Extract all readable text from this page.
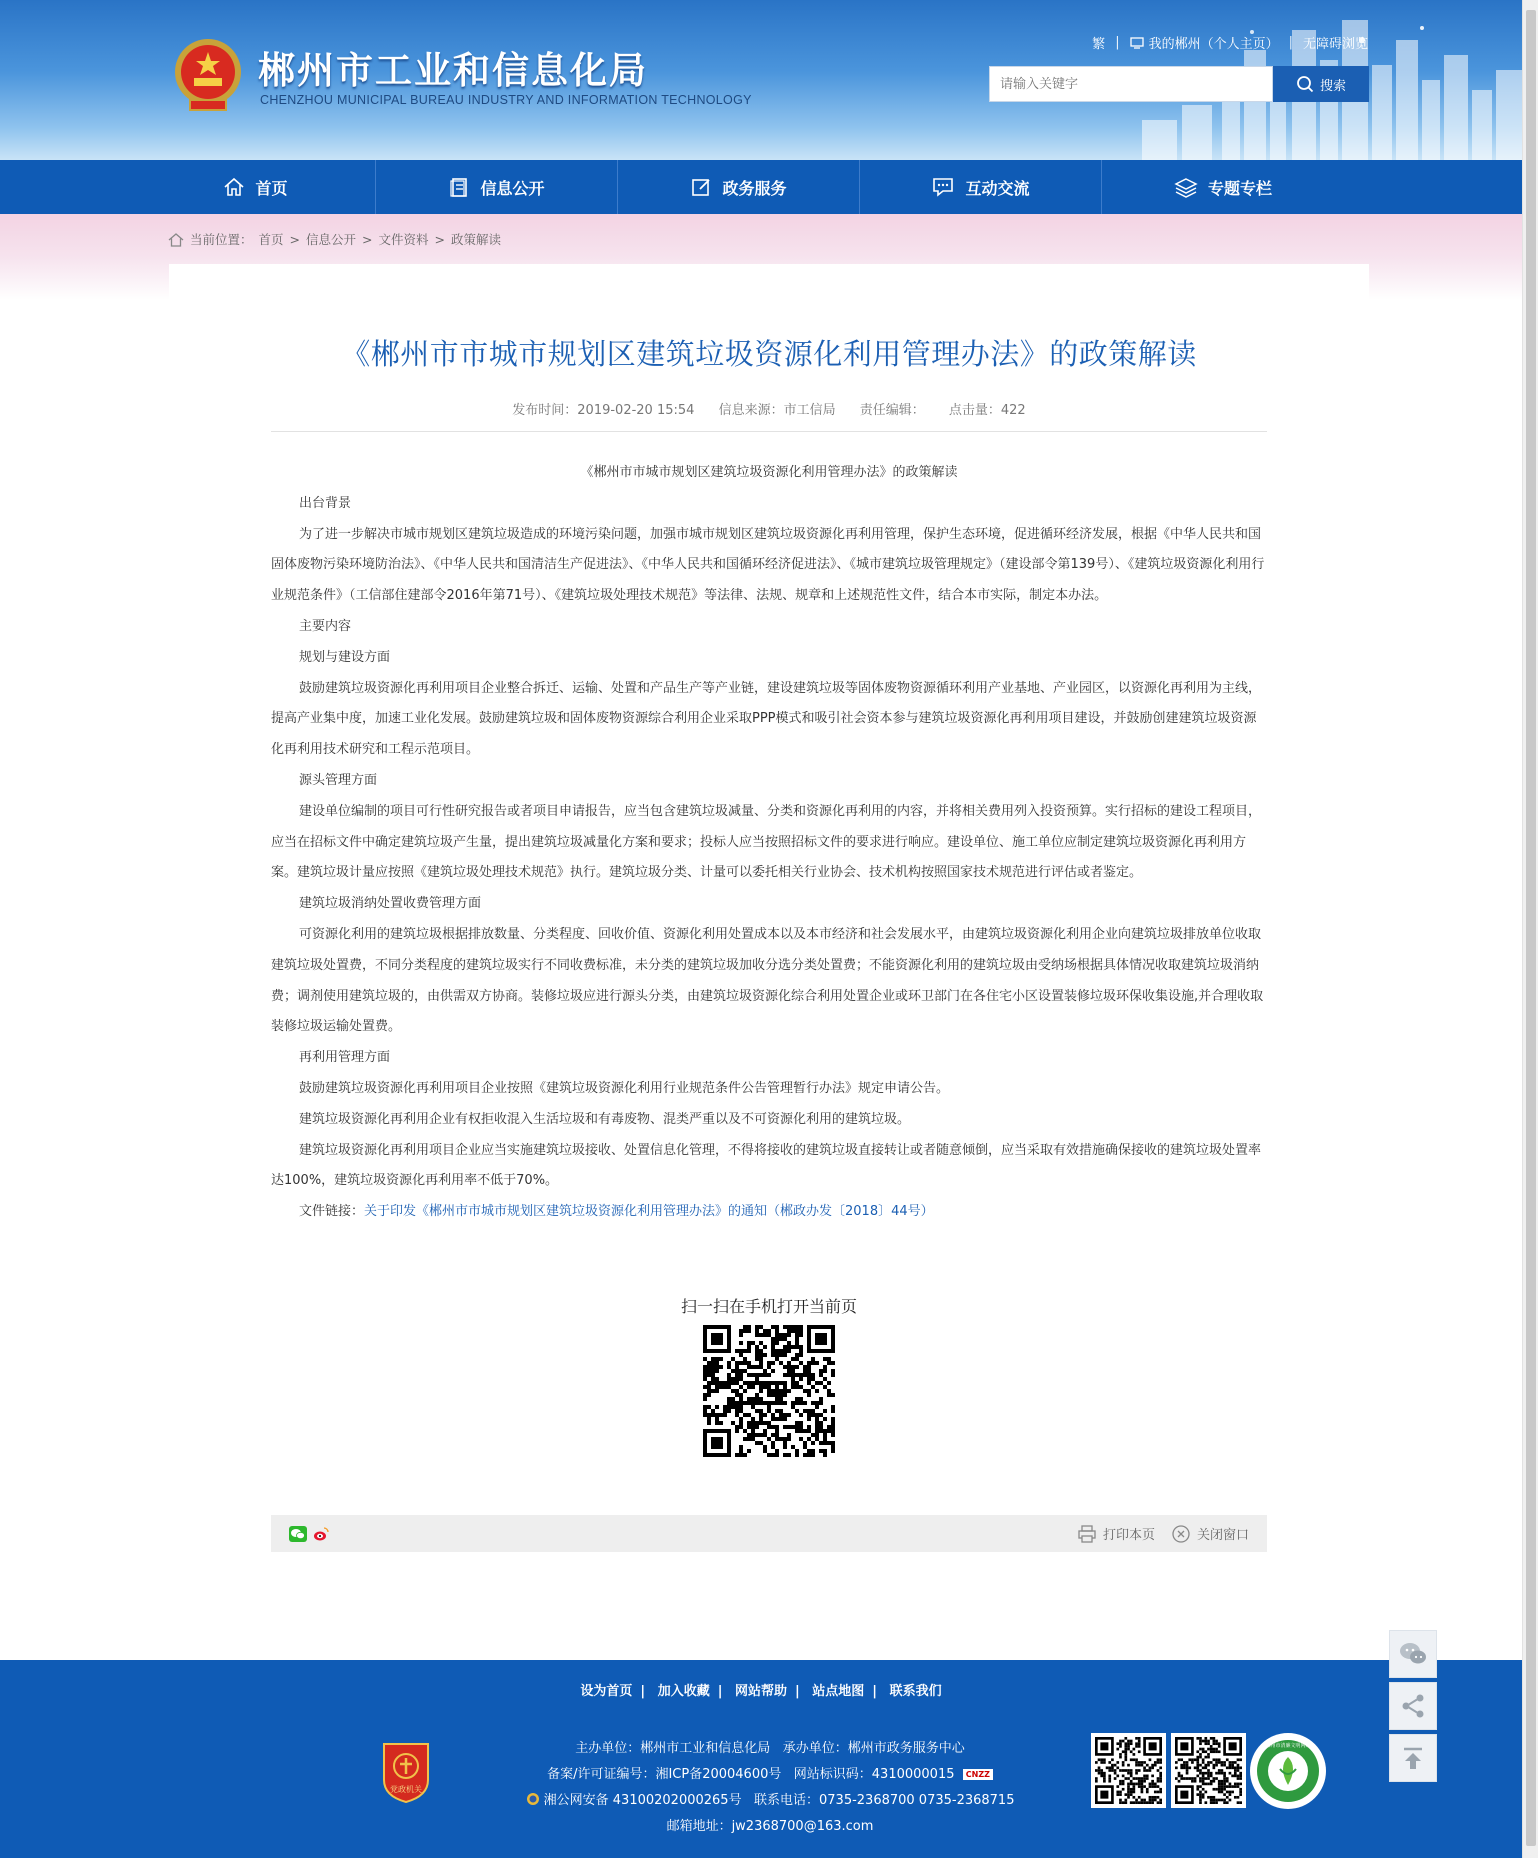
郴州市工业和信息化局
CHENZHOU MUNICIPAL BUREAU INDUSTRY AND INFORMATION TECHNOLOGY
繁 | 我的郴州（个人主页） | 无障碍浏览
请输入关键字
搜索
首页	信息公开	政务服务	互动交流	专题专栏
当前位置： 首页 > 信息公开 > 文件资料 > 政策解读
《郴州市市城市规划区建筑垃圾资源化利用管理办法》的政策解读
发布时间：2019-02-20 15:54 信息来源：市工信局 责任编辑： 点击量：422

《郴州市市城市规划区建筑垃圾资源化利用管理办法》的政策解读

出台背景

为了进一步解决市城市规划区建筑垃圾造成的环境污染问题，加强市城市规划区建筑垃圾资源化再利用管理，保护生态环境，促进循环经济发展，根据《中华人民共和国固体废物污染环境防治法》、《中华人民共和国清洁生产促进法》、《中华人民共和国循环经济促进法》、《城市建筑垃圾管理规定》（建设部令第139号）、《建筑垃圾资源化利用行业规范条件》（工信部住建部令2016年第71号）、《建筑垃圾处理技术规范》等法律、法规、规章和上述规范性文件，结合本市实际，制定本办法。

主要内容

规划与建设方面

鼓励建筑垃圾资源化再利用项目企业整合拆迁、运输、处置和产品生产等产业链，建设建筑垃圾等固体废物资源循环利用产业基地、产业园区，以资源化再利用为主线，提高产业集中度，加速工业化发展。鼓励建筑垃圾和固体废物资源综合利用企业采取PPP模式和吸引社会资本参与建筑垃圾资源化再利用项目建设，并鼓励创建建筑垃圾资源化再利用技术研究和工程示范项目。

源头管理方面

建设单位编制的项目可行性研究报告或者项目申请报告，应当包含建筑垃圾减量、分类和资源化再利用的内容，并将相关费用列入投资预算。实行招标的建设工程项目，应当在招标文件中确定建筑垃圾产生量，提出建筑垃圾减量化方案和要求；投标人应当按照招标文件的要求进行响应。建设单位、施工单位应制定建筑垃圾资源化再利用方案。建筑垃圾计量应按照《建筑垃圾处理技术规范》执行。建筑垃圾分类、计量可以委托相关行业协会、技术机构按照国家技术规范进行评估或者鉴定。

建筑垃圾消纳处置收费管理方面

可资源化利用的建筑垃圾根据排放数量、分类程度、回收价值、资源化利用处置成本以及本市经济和社会发展水平，由建筑垃圾资源化利用企业向建筑垃圾排放单位收取建筑垃圾处置费，不同分类程度的建筑垃圾实行不同收费标准，未分类的建筑垃圾加收分选分类处置费；不能资源化利用的建筑垃圾由受纳场根据具体情况收取建筑垃圾消纳费；调剂使用建筑垃圾的，由供需双方协商。装修垃圾应进行源头分类，由建筑垃圾资源化综合利用处置企业或环卫部门在各住宅小区设置装修垃圾环保收集设施,并合理收取装修垃圾运输处置费。

再利用管理方面

鼓励建筑垃圾资源化再利用项目企业按照《建筑垃圾资源化利用行业规范条件公告管理暂行办法》规定申请公告。

建筑垃圾资源化再利用企业有权拒收混入生活垃圾和有毒废物、混类严重以及不可资源化利用的建筑垃圾。

建筑垃圾资源化再利用项目企业应当实施建筑垃圾接收、处置信息化管理，不得将接收的建筑垃圾直接转让或者随意倾倒，应当采取有效措施确保接收的建筑垃圾处置率达100%，建筑垃圾资源化再利用率不低于70%。

文件链接：关于印发《郴州市市城市规划区建筑垃圾资源化利用管理办法》的通知（郴政办发〔2018〕44号）

扫一扫在手机打开当前页
打印本页	关闭窗口
设为首页 | 加入收藏 | 网站帮助 | 站点地图 | 联系我们
党政机关
主办单位：郴州市工业和信息化局 承办单位：郴州市政务服务中心
备案/许可证编号：湘ICP备20004600号 网站标识码：4310000015 CNZZ
湘公网安备 43100202000265号 联系电话：0735-2368700 0735-2368715
邮箱地址：jw2368700@163.com
郴州市清廉文明网站
